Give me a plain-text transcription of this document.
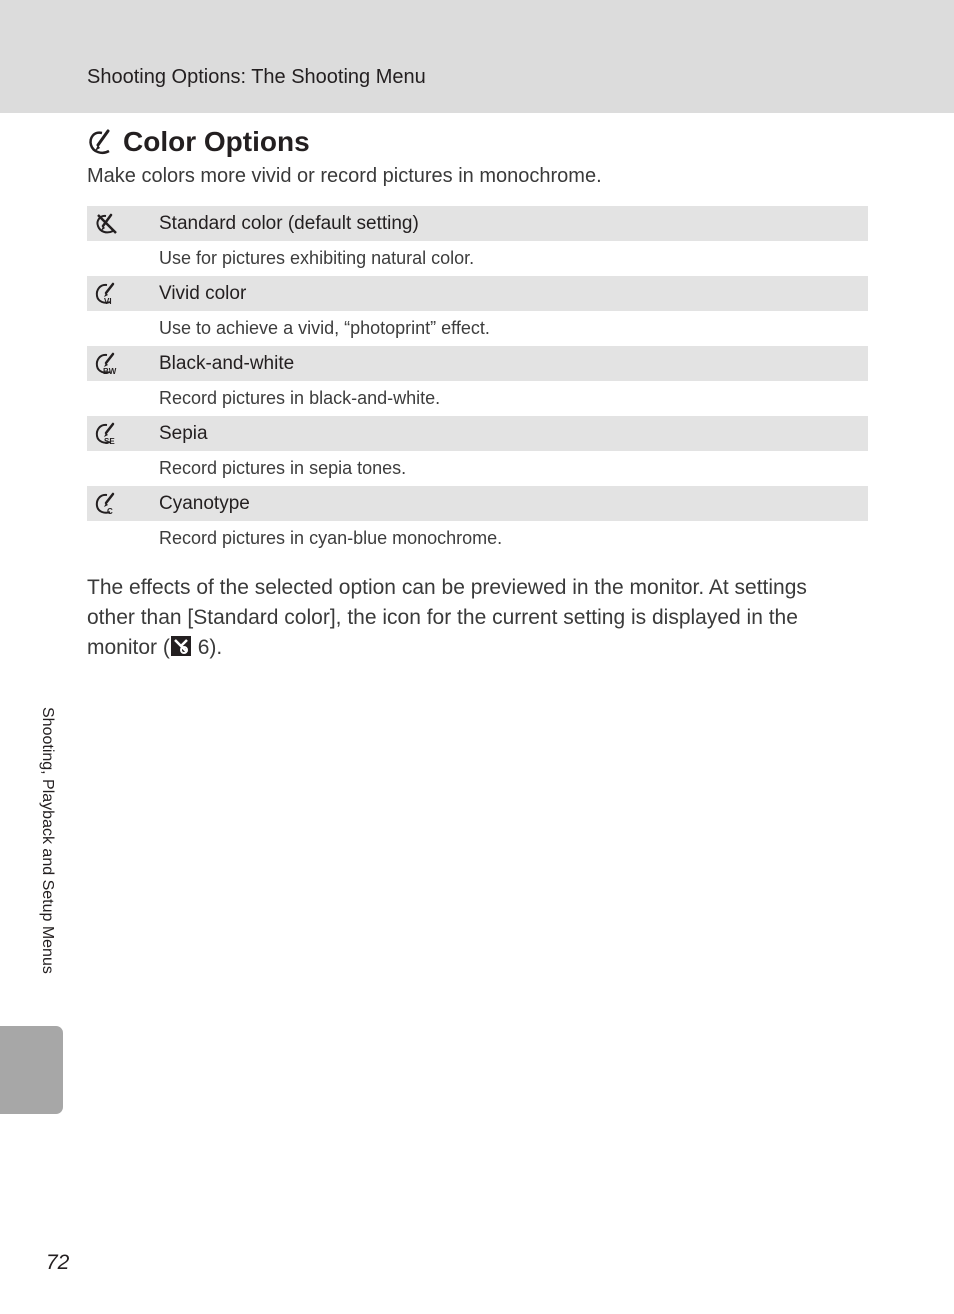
Shooting Options: The Shooting Menu
Color Options
Make colors more vivid or record pictures in monochrome.
Standard color (default setting)
Use for pictures exhibiting natural color.
VI Vivid color
Use to achieve a vivid, “photoprint” effect.
BW Black-and-white
Record pictures in black-and-white.
SE Sepia
Record pictures in sepia tones.
C Cyanotype
Record pictures in cyan-blue monochrome.
The effects of the selected option can be previewed in the monitor. At settings other than [Standard color], the icon for the current setting is displayed in the monitor ( 6).
Shooting, Playback and Setup Menus
72
